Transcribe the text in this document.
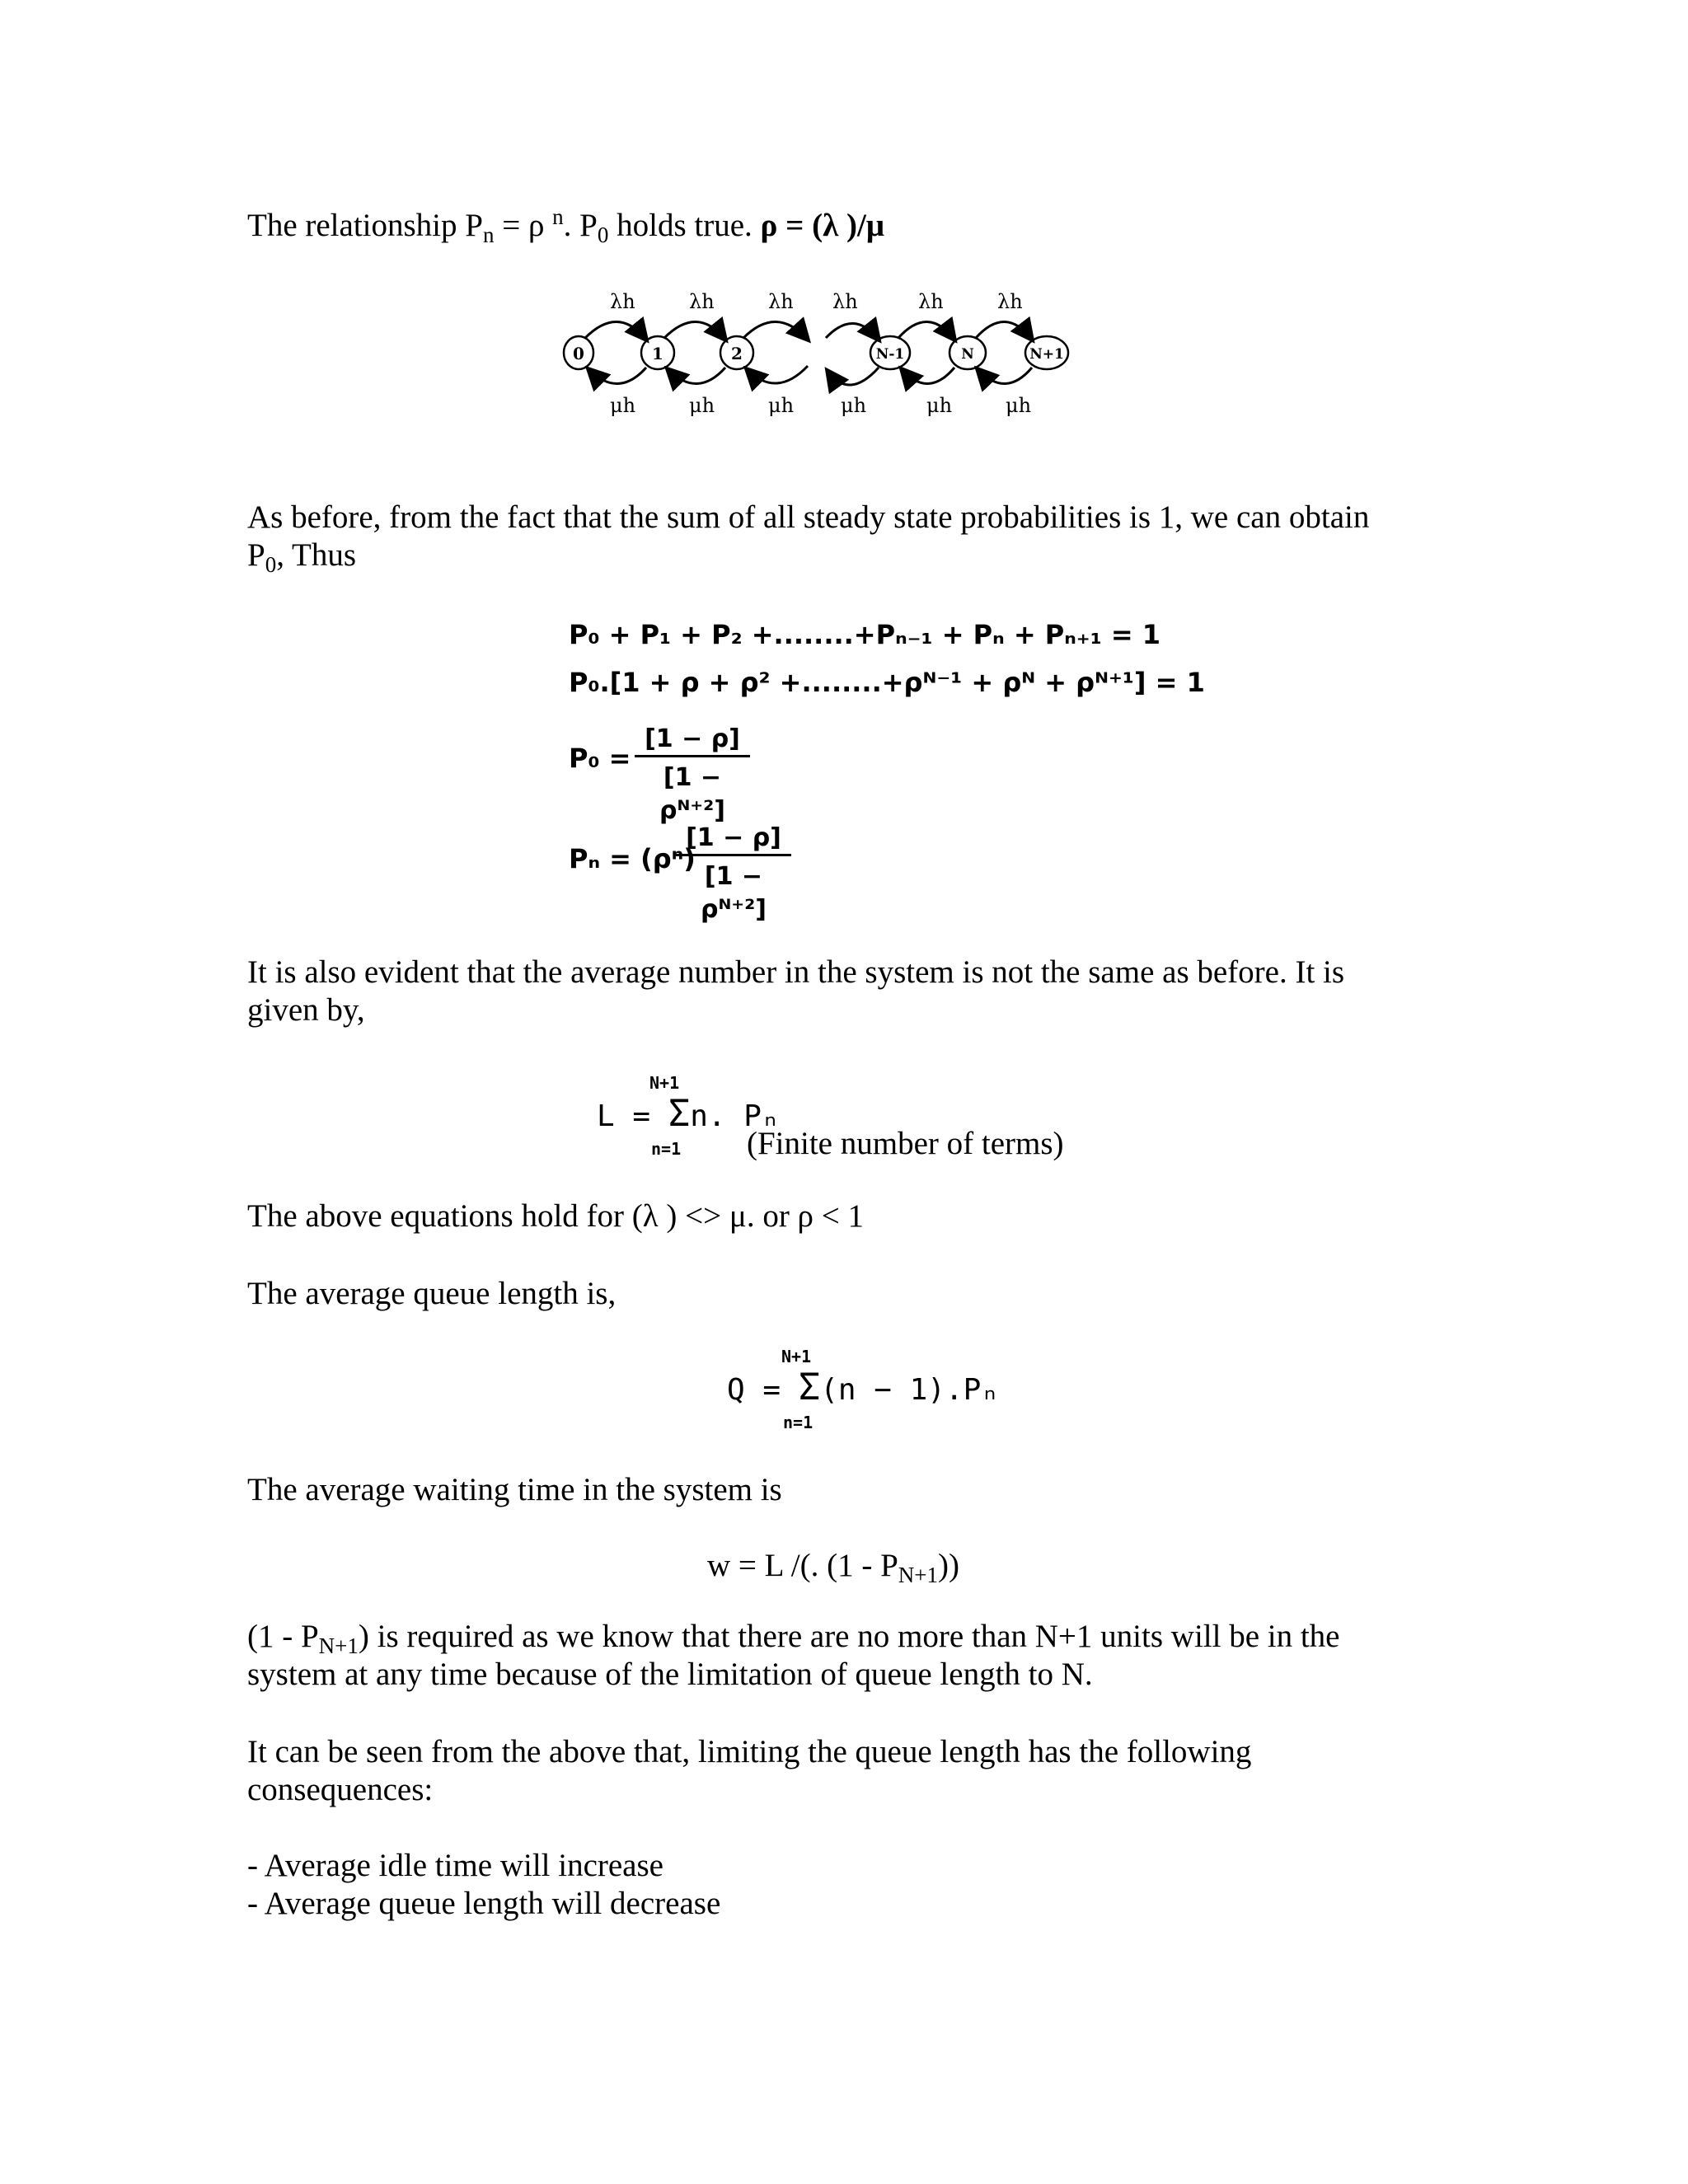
The relationship $P_n = \rho$ $^n$. $P_0$ holds true. ρ = (λ )/μ
0	1	2	N-1	N	N+1
λh	λh	λh λh	λh	λh
μh	μh	μh μh	μh	μh
As before, from the fact that the sum of all steady state probabilities is 1, we can obtain
$P_0$, Thus
P₀ + P₁ + P₂ +........+Pₙ₋₁ + Pₙ + Pₙ₊₁ = 1
P₀.[1 + ρ + ρ² +........+ρᴺ⁻¹ + ρᴺ + ρᴺ⁺¹] = 1
P₀ =
[1 − ρ]
[1 − ρᴺ⁺²]
Pₙ = (ρⁿ)
[1 − ρ]
[1 − ρᴺ⁺²]
It is also evident that the average number in the system is not the same as before. It is
given by,
N+1
L = Σn. Pₙ
n=1 (Finite number of terms)
The above equations hold for (λ ) <> μ. or ρ < 1
The average queue length is,
N+1
Q = Σ(n − 1).Pₙ
n=1
The average waiting time in the system is
w = L /(. $(1 - P_{N+1})$)
$(1 - P_{N+1})$ is required as we know that there are no more than N+1 units will be in the
system at any time because of the limitation of queue length to N.
It can be seen from the above that, limiting the queue length has the following
consequences:
- Average idle time will increase
- Average queue length will decrease
